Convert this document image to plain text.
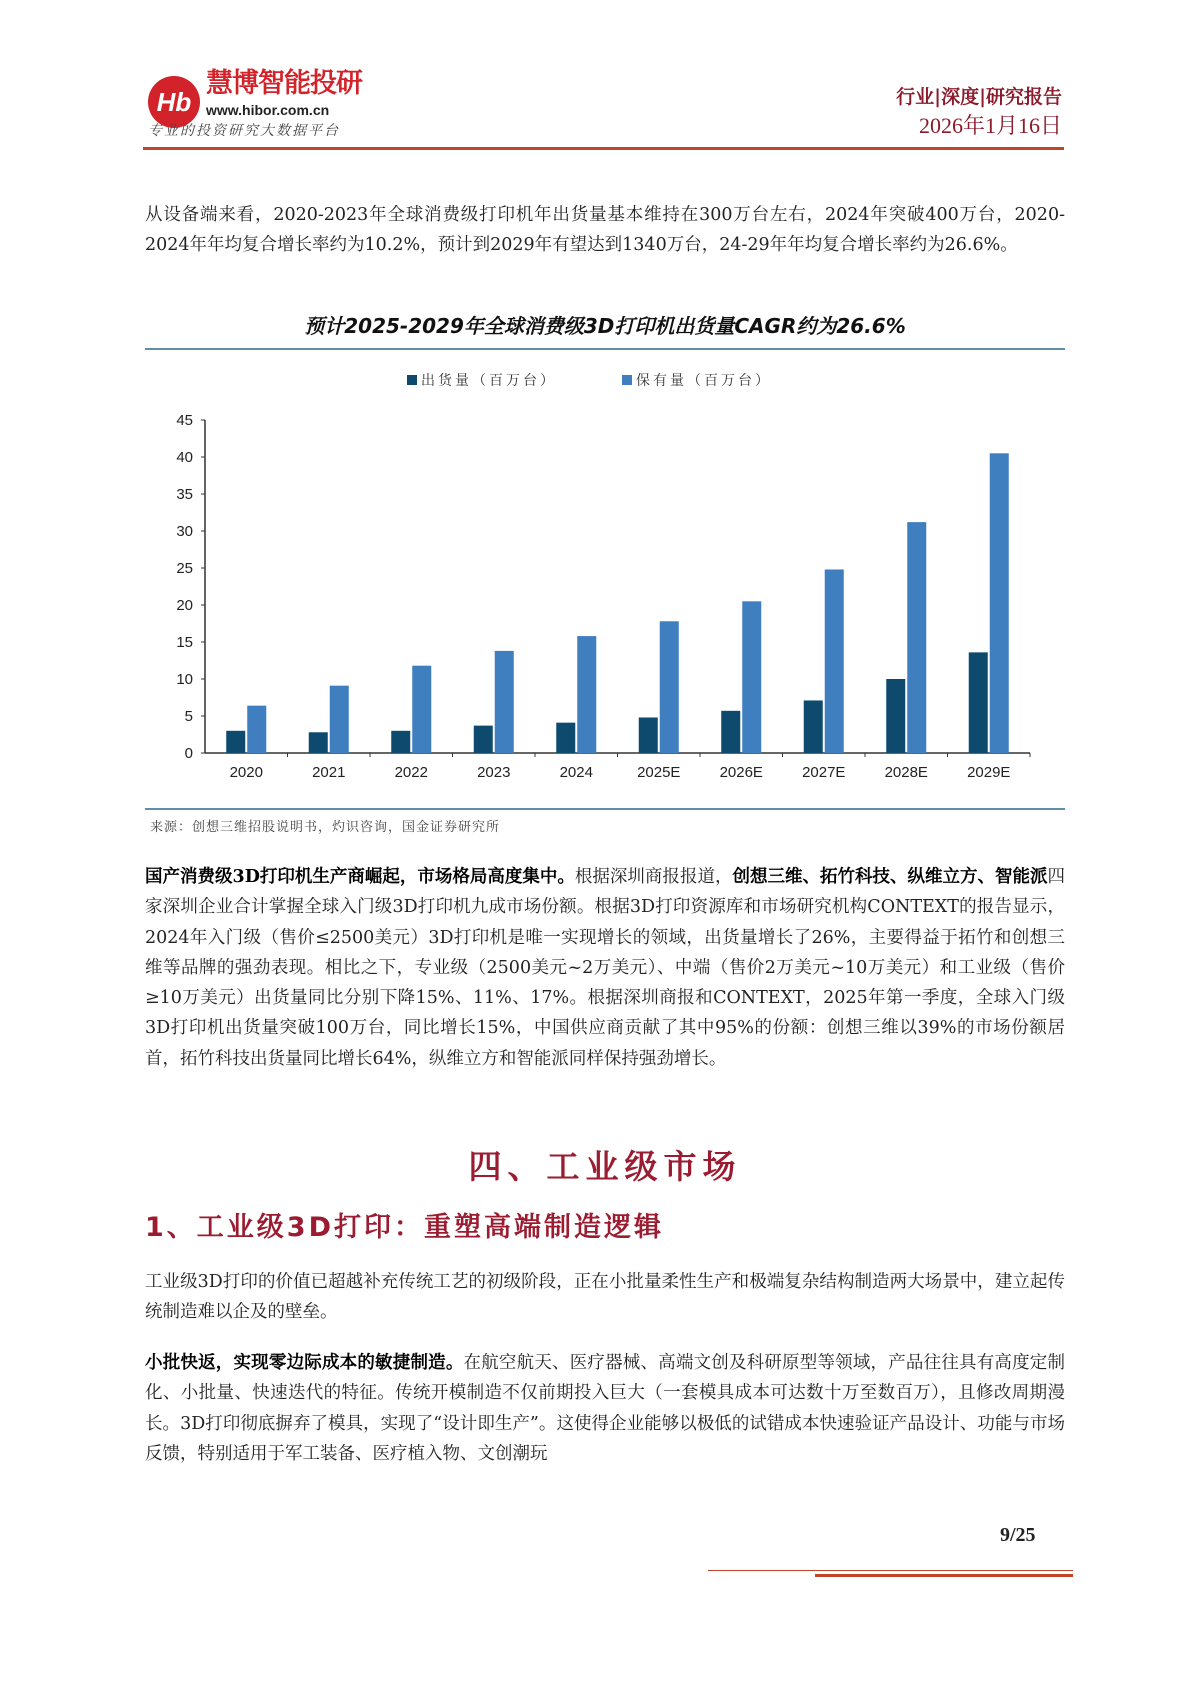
Hb
慧博智能投研
www.hibor.com.cn
专业的投资研究大数据平台
行业|深度|研究报告
2026年1月16日

从设备端来看，2020-2023年全球消费级打印机年出货量基本维持在300万台左右，2024年突破400万台，2020-2024年年均复合增长率约为10.2%，预计到2029年有望达到1340万台，24-29年年均复合增长率约为26.6%。

预计2025-2029年全球消费级3D打印机出货量CAGR约为26.6%
出货量（百万台）	保有量（百万台）
0
5
10
15
20
25
30
35
40
45
2020	2021	2022	2023	2024	2025E	2026E	2027E	2028E	2029E
来源：创想三维招股说明书，灼识咨询，国金证券研究所

国产消费级3D打印机生产商崛起，市场格局高度集中。根据深圳商报报道，创想三维、拓竹科技、纵维立方、智能派四家深圳企业合计掌握全球入门级3D打印机九成市场份额。根据3D打印资源库和市场研究机构CONTEXT的报告显示，2024年入门级（售价≤2500美元）3D打印机是唯一实现增长的领域，出货量增长了26%，主要得益于拓竹和创想三维等品牌的强劲表现。相比之下，专业级（2500美元~2万美元）、中端（售价2万美元~10万美元）和工业级（售价≥10万美元）出货量同比分别下降15%、11%、17%。根据深圳商报和CONTEXT，2025年第一季度，全球入门级3D打印机出货量突破100万台，同比增长15%，中国供应商贡献了其中95%的份额：创想三维以39%的市场份额居首，拓竹科技出货量同比增长64%，纵维立方和智能派同样保持强劲增长。

四、工业级市场
1、工业级3D打印：重塑高端制造逻辑

工业级3D打印的价值已超越补充传统工艺的初级阶段，正在小批量柔性生产和极端复杂结构制造两大场景中，建立起传统制造难以企及的壁垒。

小批快返，实现零边际成本的敏捷制造。在航空航天、医疗器械、高端文创及科研原型等领域，产品往往具有高度定制化、小批量、快速迭代的特征。传统开模制造不仅前期投入巨大（一套模具成本可达数十万至数百万），且修改周期漫长。3D打印彻底摒弃了模具，实现了“设计即生产”。这使得企业能够以极低的试错成本快速验证产品设计、功能与市场反馈，特别适用于军工装备、医疗植入物、文创潮玩

9/25
